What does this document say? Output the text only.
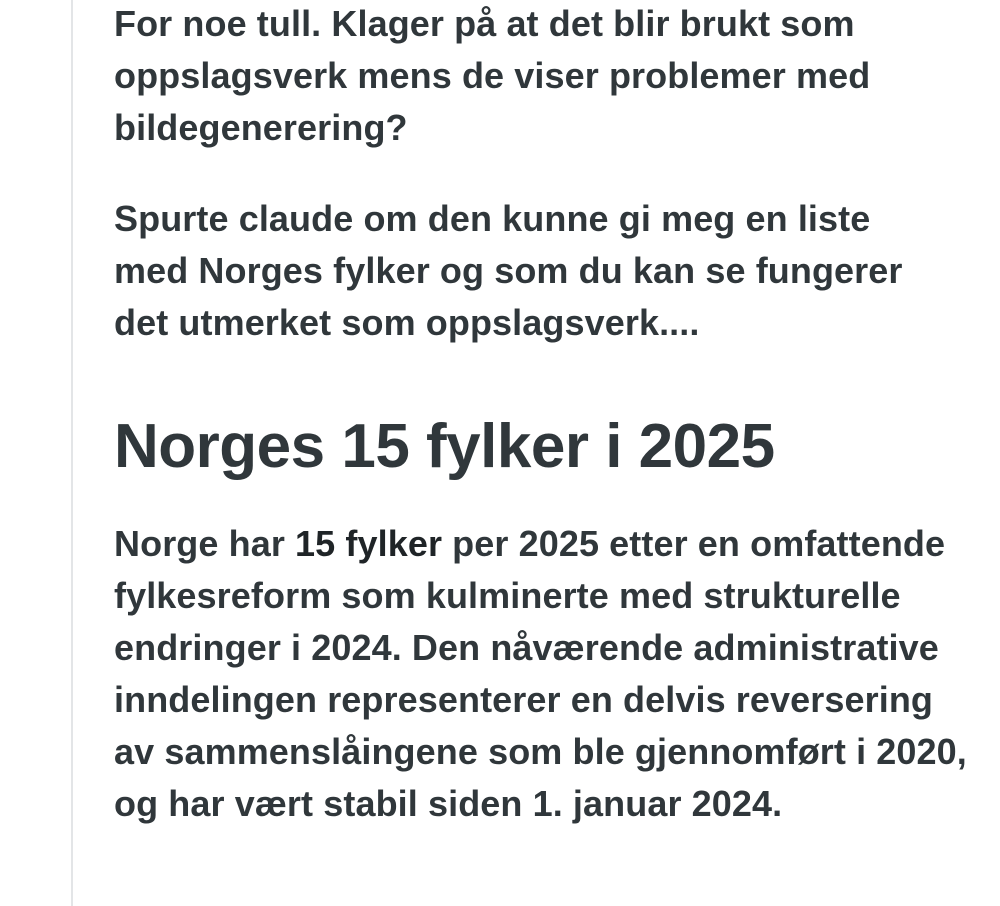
For noe tull. Klager på at det blir brukt som oppslagsverk mens de viser problemer med bildegenerering?

Spurte claude om den kunne gi meg en liste med Norges fylker og som du kan se fungerer det utmerket som oppslagsverk....

Norges 15 fylker i 2025

Norge har 15 fylker per 2025 etter en omfattende fylkesreform som kulminerte med strukturelle endringer i 2024. Den nåværende administrative inndelingen representerer en delvis reversering av sammenslåingene som ble gjennomført i 2020, og har vært stabil siden 1. januar 2024.
